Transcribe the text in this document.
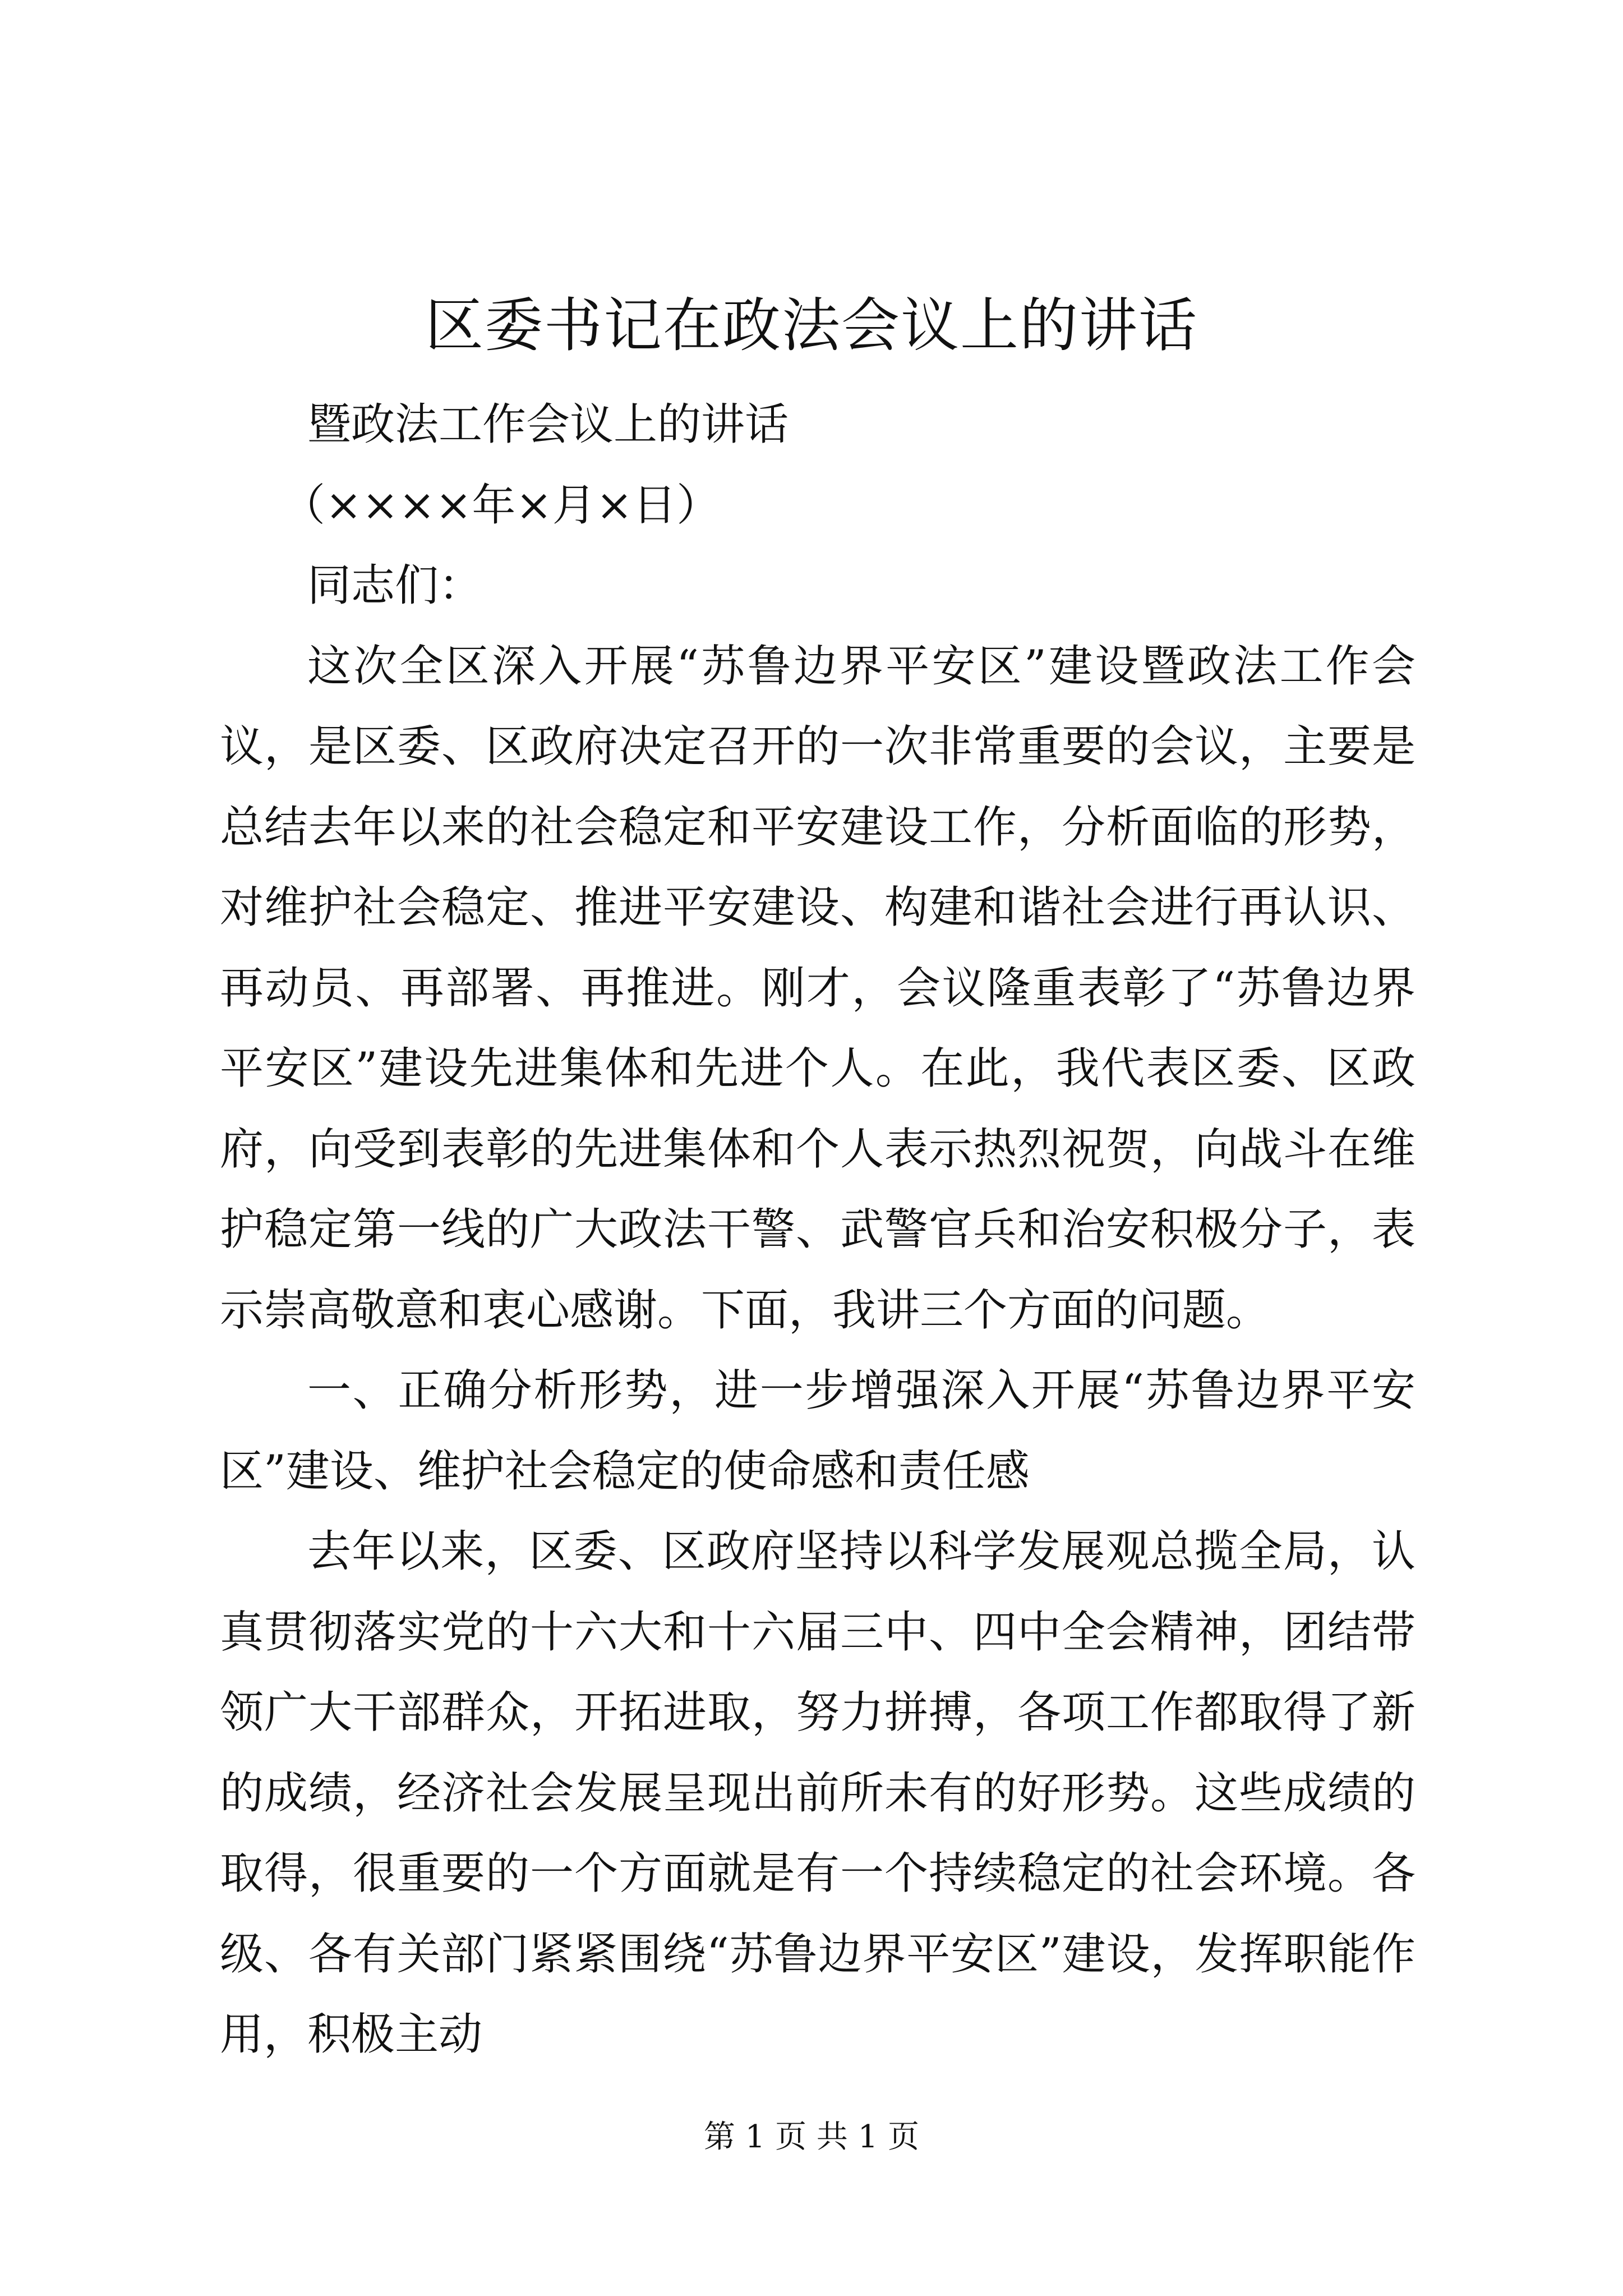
区委书记在政法会议上的讲话

暨政法工作会议上的讲话

（××××年×月×日）

同志们：

这次全区深入开展“苏鲁边界平安区”建设暨政法工作会议，是区委、区政府决定召开的一次非常重要的会议，主要是总结去年以来的社会稳定和平安建设工作，分析面临的形势，对维护社会稳定、推进平安建设、构建和谐社会进行再认识、再动员、再部署、再推进。刚才，会议隆重表彰了“苏鲁边界平安区”建设先进集体和先进个人。在此，我代表区委、区政府，向受到表彰的先进集体和个人表示热烈祝贺，向战斗在维护稳定第一线的广大政法干警、武警官兵和治安积极分子，表示崇高敬意和衷心感谢。下面，我讲三个方面的问题。

一、正确分析形势，进一步增强深入开展“苏鲁边界平安区”建设、维护社会稳定的使命感和责任感

去年以来，区委、区政府坚持以科学发展观总揽全局，认真贯彻落实党的十六大和十六届三中、四中全会精神，团结带领广大干部群众，开拓进取，努力拼搏，各项工作都取得了新的成绩，经济社会发展呈现出前所未有的好形势。这些成绩的取得，很重要的一个方面就是有一个持续稳定的社会环境。各级、各有关部门紧紧围绕“苏鲁边界平安区”建设，发挥职能作用，积极主动

第 1 页 共 1 页
